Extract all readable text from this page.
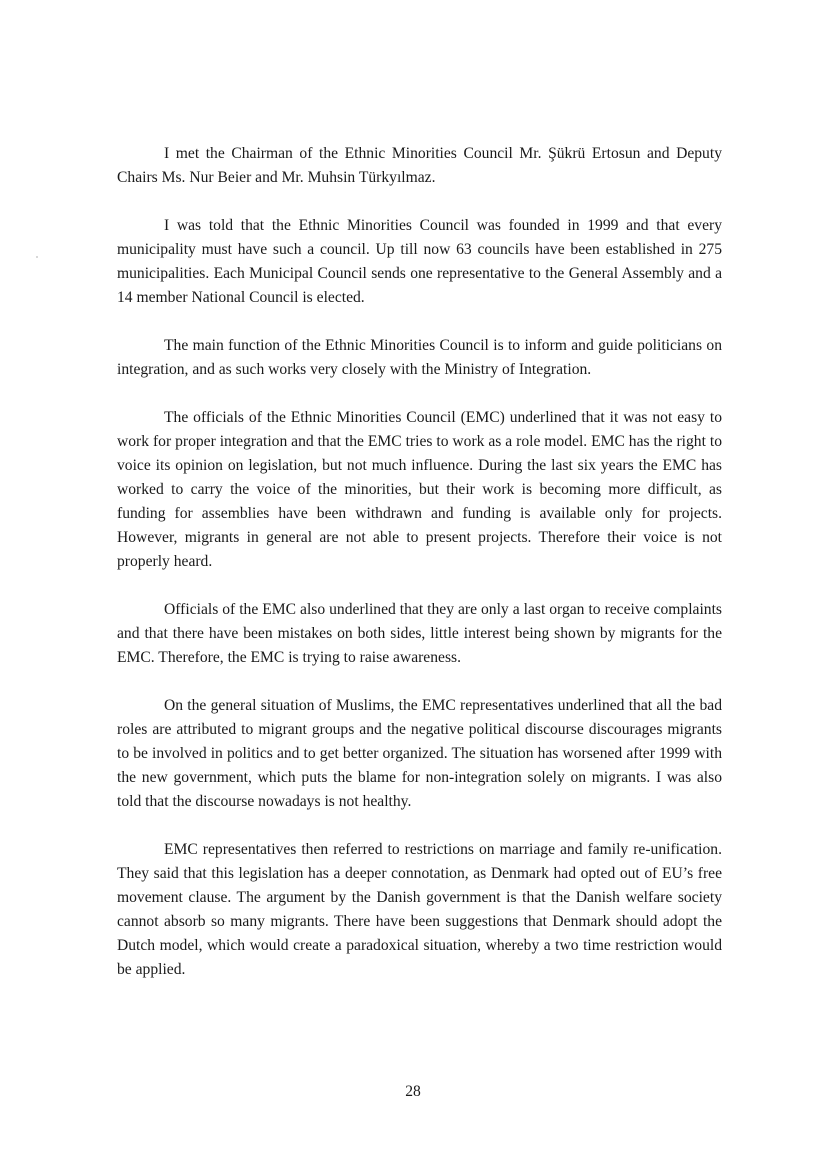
I met the Chairman of the Ethnic Minorities Council Mr. Şükrü Ertosun and Deputy Chairs Ms. Nur Beier and Mr. Muhsin Türkyılmaz.

I was told that the Ethnic Minorities Council was founded in 1999 and that every municipality must have such a council. Up till now 63 councils have been established in 275 municipalities. Each Municipal Council sends one representative to the General Assembly and a 14 member National Council is elected.

The main function of the Ethnic Minorities Council is to inform and guide politicians on integration, and as such works very closely with the Ministry of Integration.

The officials of the Ethnic Minorities Council (EMC) underlined that it was not easy to work for proper integration and that the EMC tries to work as a role model. EMC has the right to voice its opinion on legislation, but not much influence. During the last six years the EMC has worked to carry the voice of the minorities, but their work is becoming more difficult, as funding for assemblies have been withdrawn and funding is available only for projects. However, migrants in general are not able to present projects. Therefore their voice is not properly heard.

Officials of the EMC also underlined that they are only a last organ to receive complaints and that there have been mistakes on both sides, little interest being shown by migrants for the EMC. Therefore, the EMC is trying to raise awareness.

On the general situation of Muslims, the EMC representatives underlined that all the bad roles are attributed to migrant groups and the negative political discourse discourages migrants to be involved in politics and to get better organized. The situation has worsened after 1999 with the new government, which puts the blame for non-integration solely on migrants. I was also told that the discourse nowadays is not healthy.

EMC representatives then referred to restrictions on marriage and family re-unification. They said that this legislation has a deeper connotation, as Denmark had opted out of EU’s free movement clause. The argument by the Danish government is that the Danish welfare society cannot absorb so many migrants. There have been suggestions that Denmark should adopt the Dutch model, which would create a paradoxical situation, whereby a two time restriction would be applied.

28
